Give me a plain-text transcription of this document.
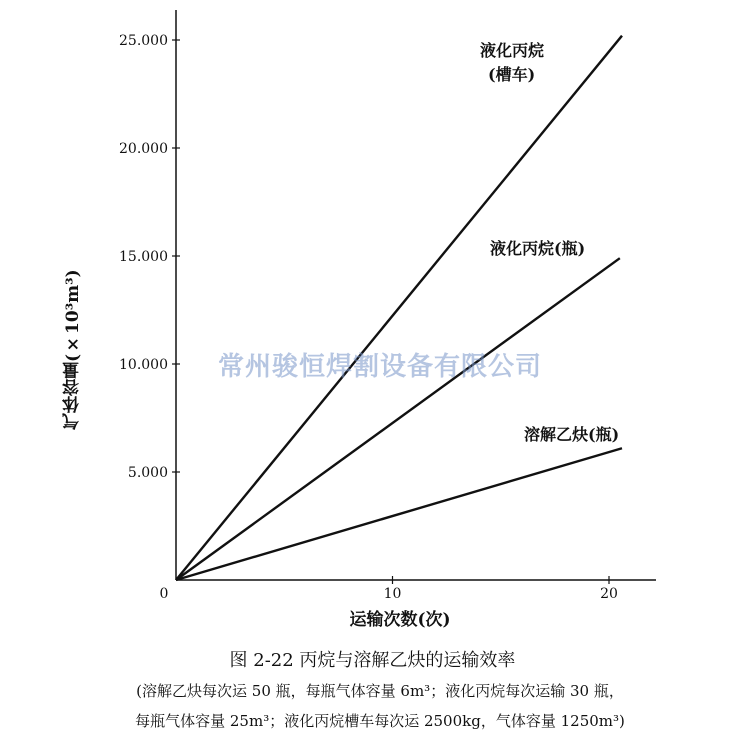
5.000
10.000
15.000
20.000
25.000
0	10	20
气体容量(×10³m³)
运输次数(次)
液化丙烷
(槽车)
液化丙烷(瓶)
溶解乙炔(瓶)
常州骏恒焊割设备有限公司
图 2-22 丙烷与溶解乙炔的运输效率
(溶解乙炔每次运 50 瓶，每瓶气体容量 6m³；液化丙烷每次运输 30 瓶，
每瓶气体容量 25m³；液化丙烷槽车每次运 2500kg，气体容量 1250m³)
